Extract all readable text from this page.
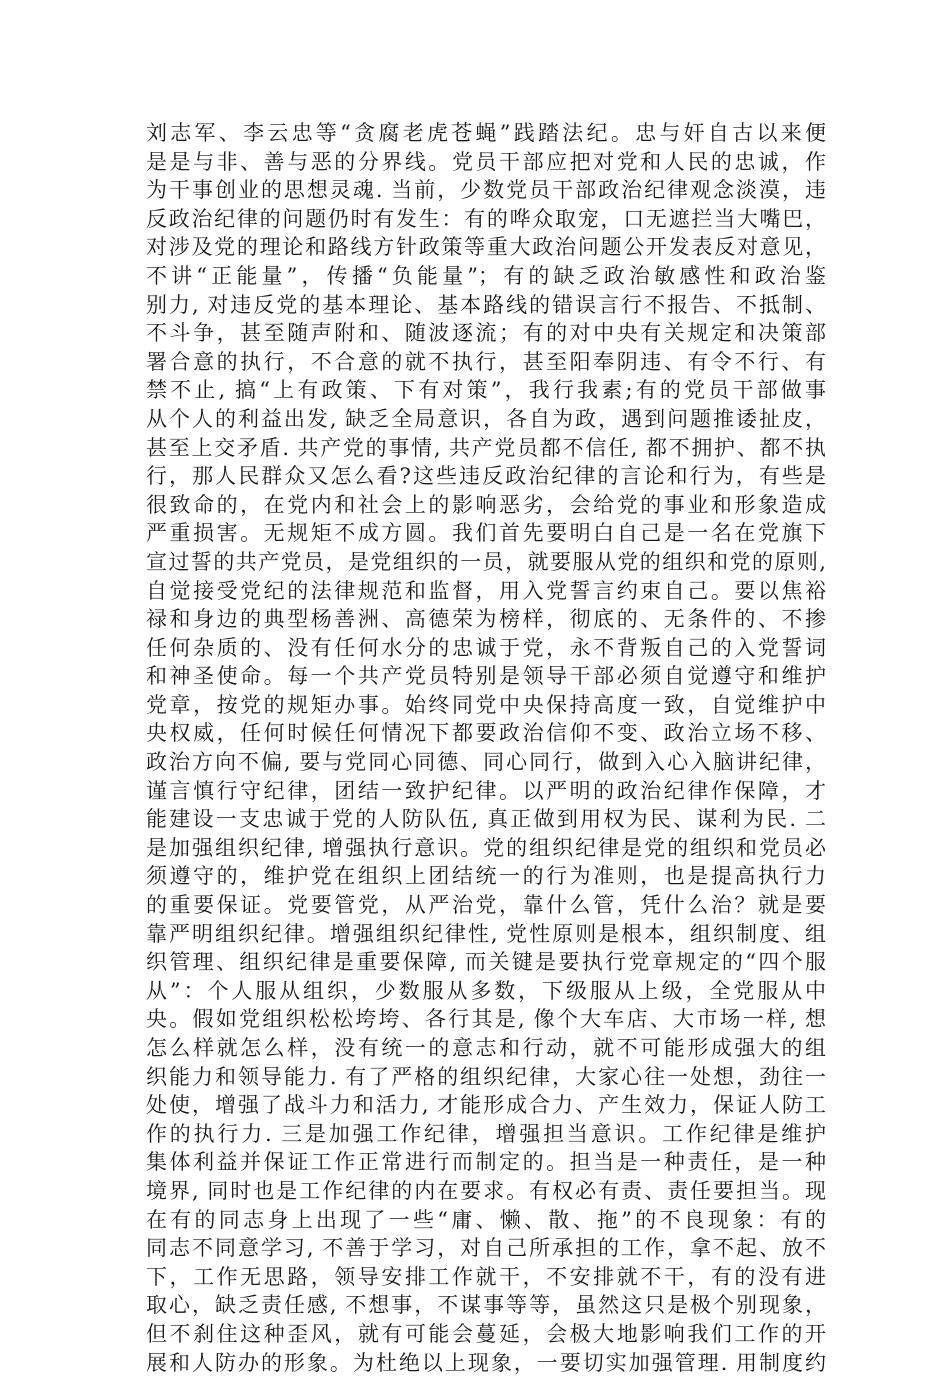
刘志军、李云忠等“贪腐老虎苍蝇”践踏法纪。忠与奸自古以来便
是是与非、善与恶的分界线。党员干部应把对党和人民的忠诚，作
为干事创业的思想灵魂. 当前，少数党员干部政治纪律观念淡漠，违
反政治纪律的问题仍时有发生：有的哗众取宠，口无遮拦当大嘴巴，
对涉及党的理论和路线方针政策等重大政治问题公开发表反对意见，
不讲“正能量”，传播“负能量”；有的缺乏政治敏感性和政治鉴
别力, 对违反党的基本理论、基本路线的错误言行不报告、不抵制、
不斗争，甚至随声附和、随波逐流；有的对中央有关规定和决策部
署合意的执行，不合意的就不执行，甚至阳奉阴违、有令不行、有
禁不止, 搞“上有政策、下有对策”，我行我素;有的党员干部做事
从个人的利益出发, 缺乏全局意识，各自为政，遇到问题推诿扯皮，
甚至上交矛盾. 共产党的事情, 共产党员都不信任, 都不拥护、都不执
行，那人民群众又怎么看?这些违反政治纪律的言论和行为，有些是
很致命的，在党内和社会上的影响恶劣，会给党的事业和形象造成
严重损害。无规矩不成方圆。我们首先要明白自己是一名在党旗下
宣过誓的共产党员，是党组织的一员，就要服从党的组织和党的原则,
自觉接受党纪的法律规范和监督，用入党誓言约束自己。要以焦裕
禄和身边的典型杨善洲、高德荣为榜样，彻底的、无条件的、不掺
任何杂质的、没有任何水分的忠诚于党，永不背叛自己的入党誓词
和神圣使命。每一个共产党员特别是领导干部必须自觉遵守和维护
党章，按党的规矩办事。始终同党中央保持高度一致，自觉维护中
央权威，任何时候任何情况下都要政治信仰不变、政治立场不移、
政治方向不偏, 要与党同心同德、同心同行，做到入心入脑讲纪律，
谨言慎行守纪律，团结一致护纪律。以严明的政治纪律作保障，才
能建设一支忠诚于党的人防队伍, 真正做到用权为民、谋利为民. 二
是加强组织纪律, 增强执行意识。党的组织纪律是党的组织和党员必
须遵守的，维护党在组织上团结统一的行为准则，也是提高执行力
的重要保证。党要管党，从严治党，靠什么管，凭什么治？就是要
靠严明组织纪律。增强组织纪律性, 党性原则是根本，组织制度、组
织管理、组织纪律是重要保障, 而关键是要执行党章规定的“四个服
从”：个人服从组织，少数服从多数，下级服从上级，全党服从中
央。假如党组织松松垮垮、各行其是, 像个大车店、大市场一样, 想
怎么样就怎么样，没有统一的意志和行动，就不可能形成强大的组
织能力和领导能力. 有了严格的组织纪律，大家心往一处想，劲往一
处使，增强了战斗力和活力, 才能形成合力、产生效力，保证人防工
作的执行力. 三是加强工作纪律，增强担当意识。工作纪律是维护
集体利益并保证工作正常进行而制定的。担当是一种责任，是一种
境界, 同时也是工作纪律的内在要求。有权必有责、责任要担当。现
在有的同志身上出现了一些“庸、懒、散、拖”的不良现象：有的
同志不同意学习, 不善于学习，对自己所承担的工作，拿不起、放不
下，工作无思路，领导安排工作就干，不安排就不干，有的没有进
取心，缺乏责任感, 不想事，不谋事等等，虽然这只是极个别现象，
但不刹住这种歪风，就有可能会蔓延，会极大地影响我们工作的开
展和人防办的形象。为杜绝以上现象，一要切实加强管理. 用制度约
